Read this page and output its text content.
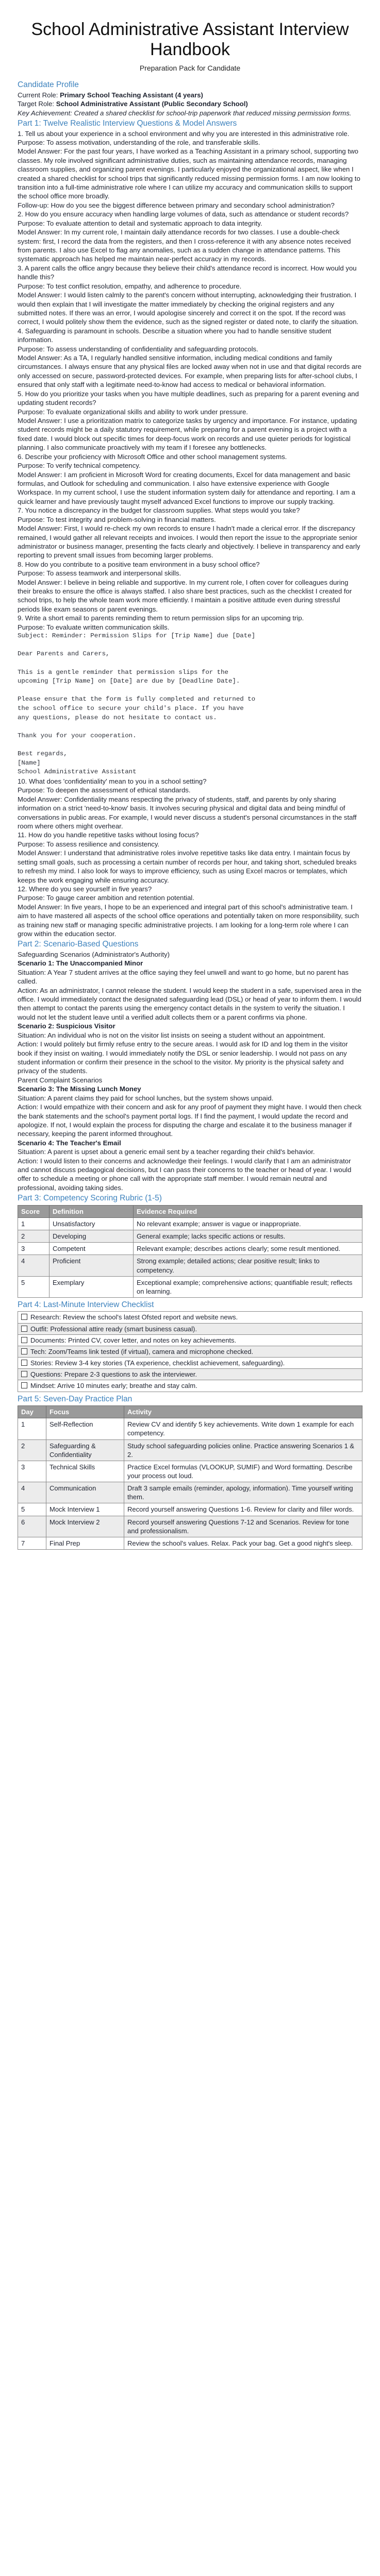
School Administrative Assistant Interview Handbook
Preparation Pack for Candidate
Candidate Profile

Current Role: Primary School Teaching Assistant (4 years)

Target Role: School Administrative Assistant (Public Secondary School)

Key Achievement: Created a shared checklist for school-trip paperwork that reduced missing permission forms.

Part 1: Twelve Realistic Interview Questions & Model Answers

1. Tell us about your experience in a school environment and why you are interested in this administrative role.

Purpose: To assess motivation, understanding of the role, and transferable skills.

Model Answer: For the past four years, I have worked as a Teaching Assistant in a primary school, supporting two classes. My role involved significant administrative duties, such as maintaining attendance records, managing classroom supplies, and organizing parent evenings. I particularly enjoyed the organizational aspect, like when I created a shared checklist for school trips that significantly reduced missing permission forms. I am now looking to transition into a full-time administrative role where I can utilize my accuracy and communication skills to support the school office more broadly.

Follow-up: How do you see the biggest difference between primary and secondary school administration?

2. How do you ensure accuracy when handling large volumes of data, such as attendance or student records?

Purpose: To evaluate attention to detail and systematic approach to data integrity.

Model Answer: In my current role, I maintain daily attendance records for two classes. I use a double-check system: first, I record the data from the registers, and then I cross-reference it with any absence notes received from parents. I also use Excel to flag any anomalies, such as a sudden change in attendance patterns. This systematic approach has helped me maintain near-perfect accuracy in my records.

3. A parent calls the office angry because they believe their child's attendance record is incorrect. How would you handle this?

Purpose: To test conflict resolution, empathy, and adherence to procedure.

Model Answer: I would listen calmly to the parent's concern without interrupting, acknowledging their frustration. I would then explain that I will investigate the matter immediately by checking the original registers and any submitted notes. If there was an error, I would apologise sincerely and correct it on the spot. If the record was correct, I would politely show them the evidence, such as the signed register or dated note, to clarify the situation.

4. Safeguarding is paramount in schools. Describe a situation where you had to handle sensitive student information.

Purpose: To assess understanding of confidentiality and safeguarding protocols.

Model Answer: As a TA, I regularly handled sensitive information, including medical conditions and family circumstances. I always ensure that any physical files are locked away when not in use and that digital records are only accessed on secure, password-protected devices. For example, when preparing lists for after-school clubs, I ensured that only staff with a legitimate need-to-know had access to medical or behavioral information.

5. How do you prioritize your tasks when you have multiple deadlines, such as preparing for a parent evening and updating student records?

Purpose: To evaluate organizational skills and ability to work under pressure.

Model Answer: I use a prioritization matrix to categorize tasks by urgency and importance. For instance, updating student records might be a daily statutory requirement, while preparing for a parent evening is a project with a fixed date. I would block out specific times for deep-focus work on records and use quieter periods for logistical planning. I also communicate proactively with my team if I foresee any bottlenecks.

6. Describe your proficiency with Microsoft Office and other school management systems.

Purpose: To verify technical competency.

Model Answer: I am proficient in Microsoft Word for creating documents, Excel for data management and basic formulas, and Outlook for scheduling and communication. I also have extensive experience with Google Workspace. In my current school, I use the student information system daily for attendance and reporting. I am a quick learner and have previously taught myself advanced Excel functions to improve our supply tracking.

7. You notice a discrepancy in the budget for classroom supplies. What steps would you take?

Purpose: To test integrity and problem-solving in financial matters.

Model Answer: First, I would re-check my own records to ensure I hadn't made a clerical error. If the discrepancy remained, I would gather all relevant receipts and invoices. I would then report the issue to the appropriate senior administrator or business manager, presenting the facts clearly and objectively. I believe in transparency and early reporting to prevent small issues from becoming larger problems.

8. How do you contribute to a positive team environment in a busy school office?

Purpose: To assess teamwork and interpersonal skills.

Model Answer: I believe in being reliable and supportive. In my current role, I often cover for colleagues during their breaks to ensure the office is always staffed. I also share best practices, such as the checklist I created for school trips, to help the whole team work more efficiently. I maintain a positive attitude even during stressful periods like exam seasons or parent evenings.

9. Write a short email to parents reminding them to return permission slips for an upcoming trip.

Purpose: To evaluate written communication skills.

Subject: Reminder: Permission Slips for [Trip Name] due [Date]

Dear Parents and Carers,

This is a gentle reminder that permission slips for the
upcoming [Trip Name] on [Date] are due by [Deadline Date].

Please ensure that the form is fully completed and returned to
the school office to secure your child's place. If you have
any questions, please do not hesitate to contact us.

Thank you for your cooperation.

Best regards,
[Name]
School Administrative Assistant

10. What does 'confidentiality' mean to you in a school setting?

Purpose: To deepen the assessment of ethical standards.

Model Answer: Confidentiality means respecting the privacy of students, staff, and parents by only sharing information on a strict 'need-to-know' basis. It involves securing physical and digital data and being mindful of conversations in public areas. For example, I would never discuss a student's personal circumstances in the staff room where others might overhear.

11. How do you handle repetitive tasks without losing focus?

Purpose: To assess resilience and consistency.

Model Answer: I understand that administrative roles involve repetitive tasks like data entry. I maintain focus by setting small goals, such as processing a certain number of records per hour, and taking short, scheduled breaks to refresh my mind. I also look for ways to improve efficiency, such as using Excel macros or templates, which keeps the work engaging while ensuring accuracy.

12. Where do you see yourself in five years?

Purpose: To gauge career ambition and retention potential.

Model Answer: In five years, I hope to be an experienced and integral part of this school's administrative team. I aim to have mastered all aspects of the school office operations and potentially taken on more responsibility, such as training new staff or managing specific administrative projects. I am looking for a long-term role where I can grow within the education sector.

Part 2: Scenario-Based Questions

Safeguarding Scenarios (Administrator's Authority)

Scenario 1: The Unaccompanied Minor

Situation: A Year 7 student arrives at the office saying they feel unwell and want to go home, but no parent has called.

Action: As an administrator, I cannot release the student. I would keep the student in a safe, supervised area in the office. I would immediately contact the designated safeguarding lead (DSL) or head of year to inform them. I would then attempt to contact the parents using the emergency contact details in the system to verify the situation. I would not let the student leave until a verified adult collects them or a parent confirms via phone.

Scenario 2: Suspicious Visitor

Situation: An individual who is not on the visitor list insists on seeing a student without an appointment.

Action: I would politely but firmly refuse entry to the secure areas. I would ask for ID and log them in the visitor book if they insist on waiting. I would immediately notify the DSL or senior leadership. I would not pass on any student information or confirm their presence in the school to the visitor. My priority is the physical safety and privacy of the students.

Parent Complaint Scenarios

Scenario 3: The Missing Lunch Money

Situation: A parent claims they paid for school lunches, but the system shows unpaid.

Action: I would empathize with their concern and ask for any proof of payment they might have. I would then check the bank statements and the school's payment portal logs. If I find the payment, I would update the record and apologize. If not, I would explain the process for disputing the charge and escalate it to the business manager if necessary, keeping the parent informed throughout.

Scenario 4: The Teacher's Email

Situation: A parent is upset about a generic email sent by a teacher regarding their child's behavior.

Action: I would listen to their concerns and acknowledge their feelings. I would clarify that I am an administrator and cannot discuss pedagogical decisions, but I can pass their concerns to the teacher or head of year. I would offer to schedule a meeting or phone call with the appropriate staff member. I would remain neutral and professional, avoiding taking sides.

Part 3: Competency Scoring Rubric (1-5)
Score	Definition	Evidence Required
1	Unsatisfactory	No relevant example; answer is vague or inappropriate.
2	Developing	General example; lacks specific actions or results.
3	Competent	Relevant example; describes actions clearly; some result mentioned.
4	Proficient	Strong example; detailed actions; clear positive result; links to competency.
5	Exemplary	Exceptional example; comprehensive actions; quantifiable result; reflects on learning.
Part 4: Last-Minute Interview Checklist
Research: Review the school's latest Ofsted report and website news.
Outfit: Professional attire ready (smart business casual).
Documents: Printed CV, cover letter, and notes on key achievements.
Tech: Zoom/Teams link tested (if virtual), camera and microphone checked.
Stories: Review 3-4 key stories (TA experience, checklist achievement, safeguarding).
Questions: Prepare 2-3 questions to ask the interviewer.
Mindset: Arrive 10 minutes early; breathe and stay calm.
Part 5: Seven-Day Practice Plan
Day	Focus	Activity
1	Self-Reflection	Review CV and identify 5 key achievements. Write down 1 example for each competency.
2	Safeguarding & Confidentiality	Study school safeguarding policies online. Practice answering Scenarios 1 & 2.
3	Technical Skills	Practice Excel formulas (VLOOKUP, SUMIF) and Word formatting. Describe your process out loud.
4	Communication	Draft 3 sample emails (reminder, apology, information). Time yourself writing them.
5	Mock Interview 1	Record yourself answering Questions 1-6. Review for clarity and filler words.
6	Mock Interview 2	Record yourself answering Questions 7-12 and Scenarios. Review for tone and professionalism.
7	Final Prep	Review the school's values. Relax. Pack your bag. Get a good night's sleep.
